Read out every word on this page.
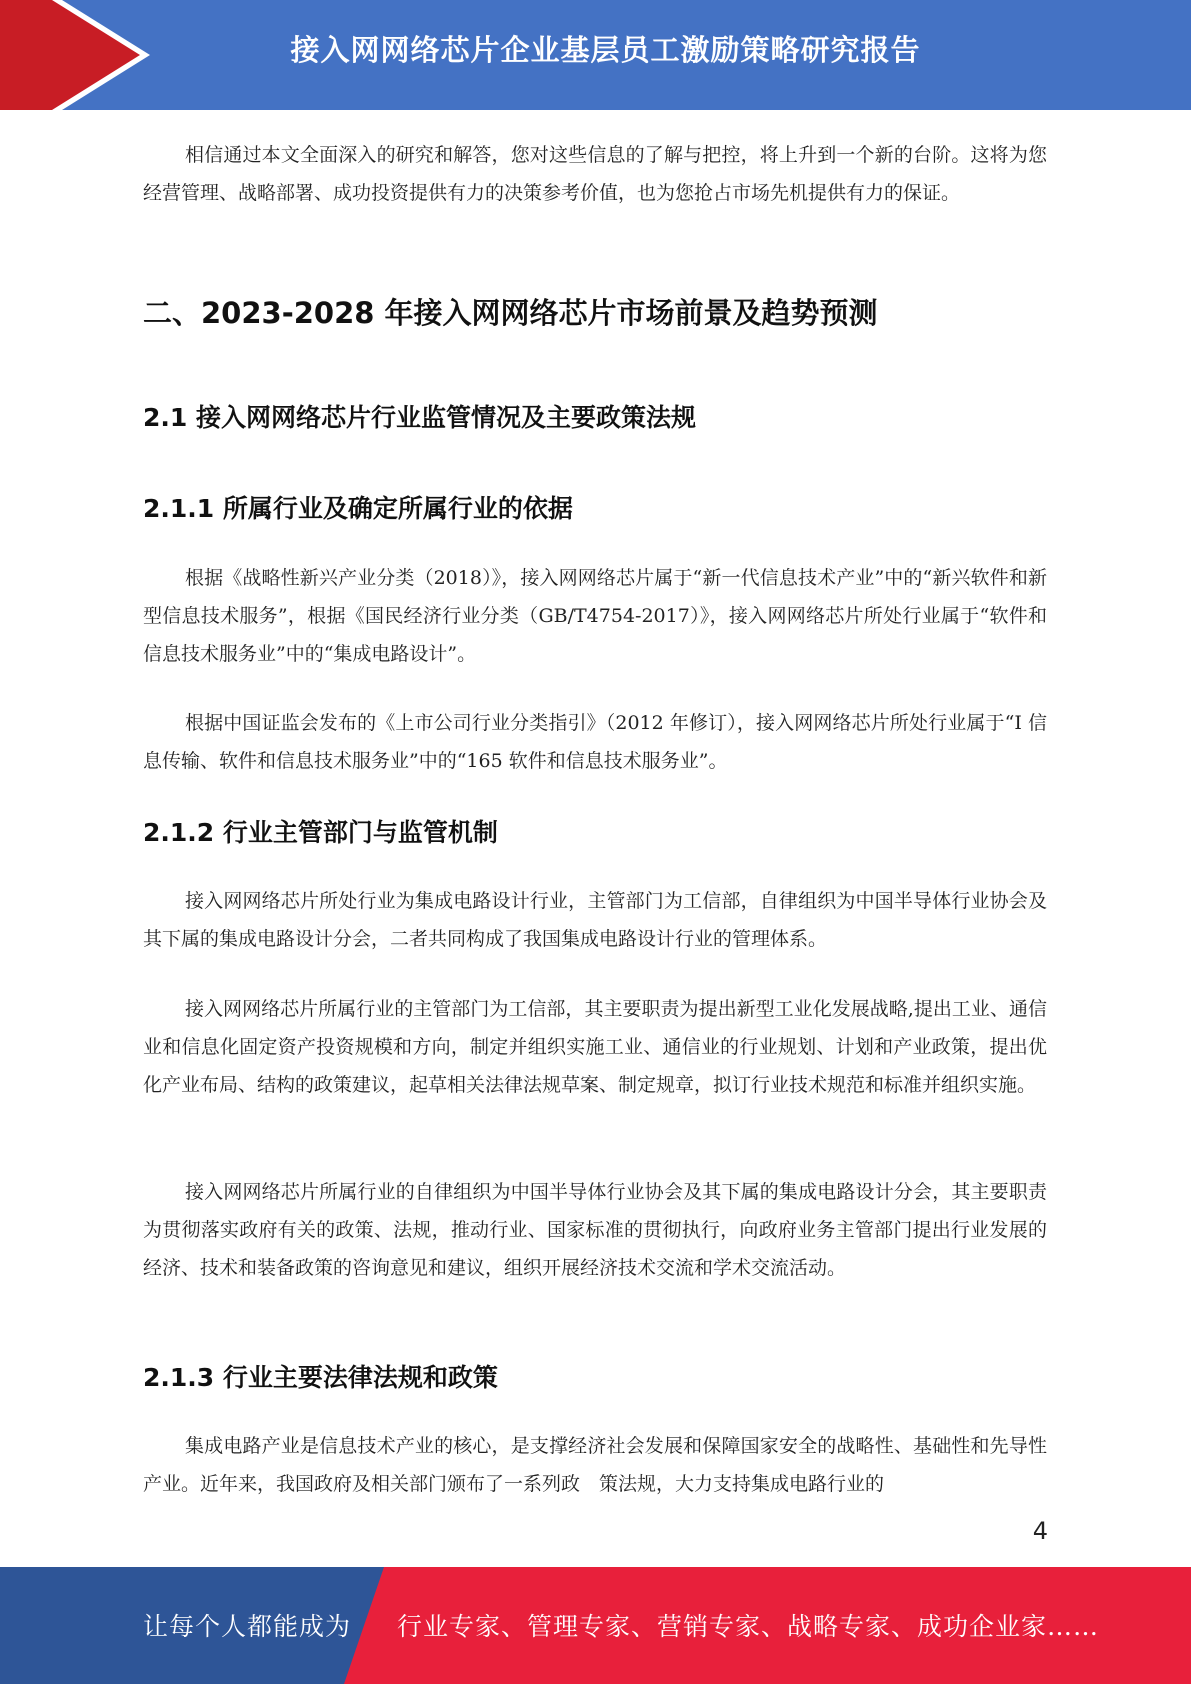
接入网网络芯片企业基层员工激励策略研究报告

相信通过本文全面深入的研究和解答，您对这些信息的了解与把控，将上升到一个新的台阶。这将为您经营管理、战略部署、成功投资提供有力的决策参考价值，也为您抢占市场先机提供有力的保证。

二、2023-2028 年接入网网络芯片市场前景及趋势预测
2.1 接入网网络芯片行业监管情况及主要政策法规
2.1.1 所属行业及确定所属行业的依据

根据《战略性新兴产业分类（2018）》，接入网网络芯片属于“新一代信息技术产业”中的“新兴软件和新型信息技术服务”，根据《国民经济行业分类（GB/T4754-2017）》，接入网网络芯片所处行业属于“软件和信息技术服务业”中的“集成电路设计”。

根据中国证监会发布的《上市公司行业分类指引》（2012 年修订），接入网网络芯片所处行业属于“I 信息传输、软件和信息技术服务业”中的“165 软件和信息技术服务业”。

2.1.2 行业主管部门与监管机制

接入网网络芯片所处行业为集成电路设计行业，主管部门为工信部，自律组织为中国半导体行业协会及其下属的集成电路设计分会，二者共同构成了我国集成电路设计行业的管理体系。

接入网网络芯片所属行业的主管部门为工信部，其主要职责为提出新型工业化发展战略,提出工业、通信业和信息化固定资产投资规模和方向，制定并组织实施工业、通信业的行业规划、计划和产业政策，提出优化产业布局、结构的政策建议，起草相关法律法规草案、制定规章，拟订行业技术规范和标准并组织实施。

接入网网络芯片所属行业的自律组织为中国半导体行业协会及其下属的集成电路设计分会，其主要职责为贯彻落实政府有关的政策、法规，推动行业、国家标准的贯彻执行，向政府业务主管部门提出行业发展的经济、技术和装备政策的咨询意见和建议，组织开展经济技术交流和学术交流活动。

2.1.3 行业主要法律法规和政策

集成电路产业是信息技术产业的核心，是支撑经济社会发展和保障国家安全的战略性、基础性和先导性产业。近年来，我国政府及相关部门颁布了一系列政　策法规，大力支持集成电路行业的

4
让每个人都能成为 行业专家、管理专家、营销专家、战略专家、成功企业家……
